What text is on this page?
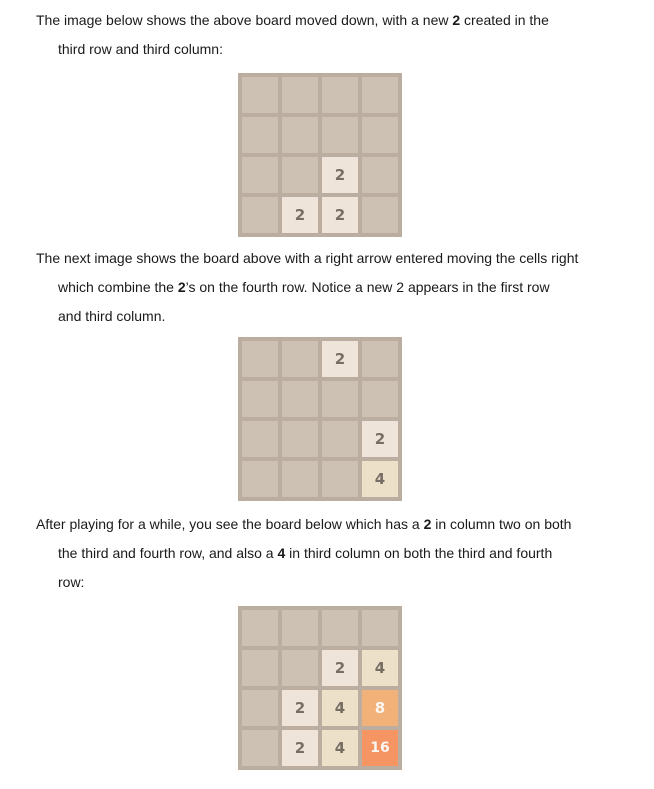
The image below shows the above board moved down, with a new 2 created in the
third row and third column:
2
2 2
The next image shows the board above with a right arrow entered moving the cells right
which combine the 2’s on the fourth row. Notice a new 2 appears in the first row
and third column.
2
2
4
After playing for a while, you see the board below which has a 2 in column two on both
the third and fourth row, and also a 4 in third column on both the third and fourth
row:
2 4
2 4 8
2 4 16
